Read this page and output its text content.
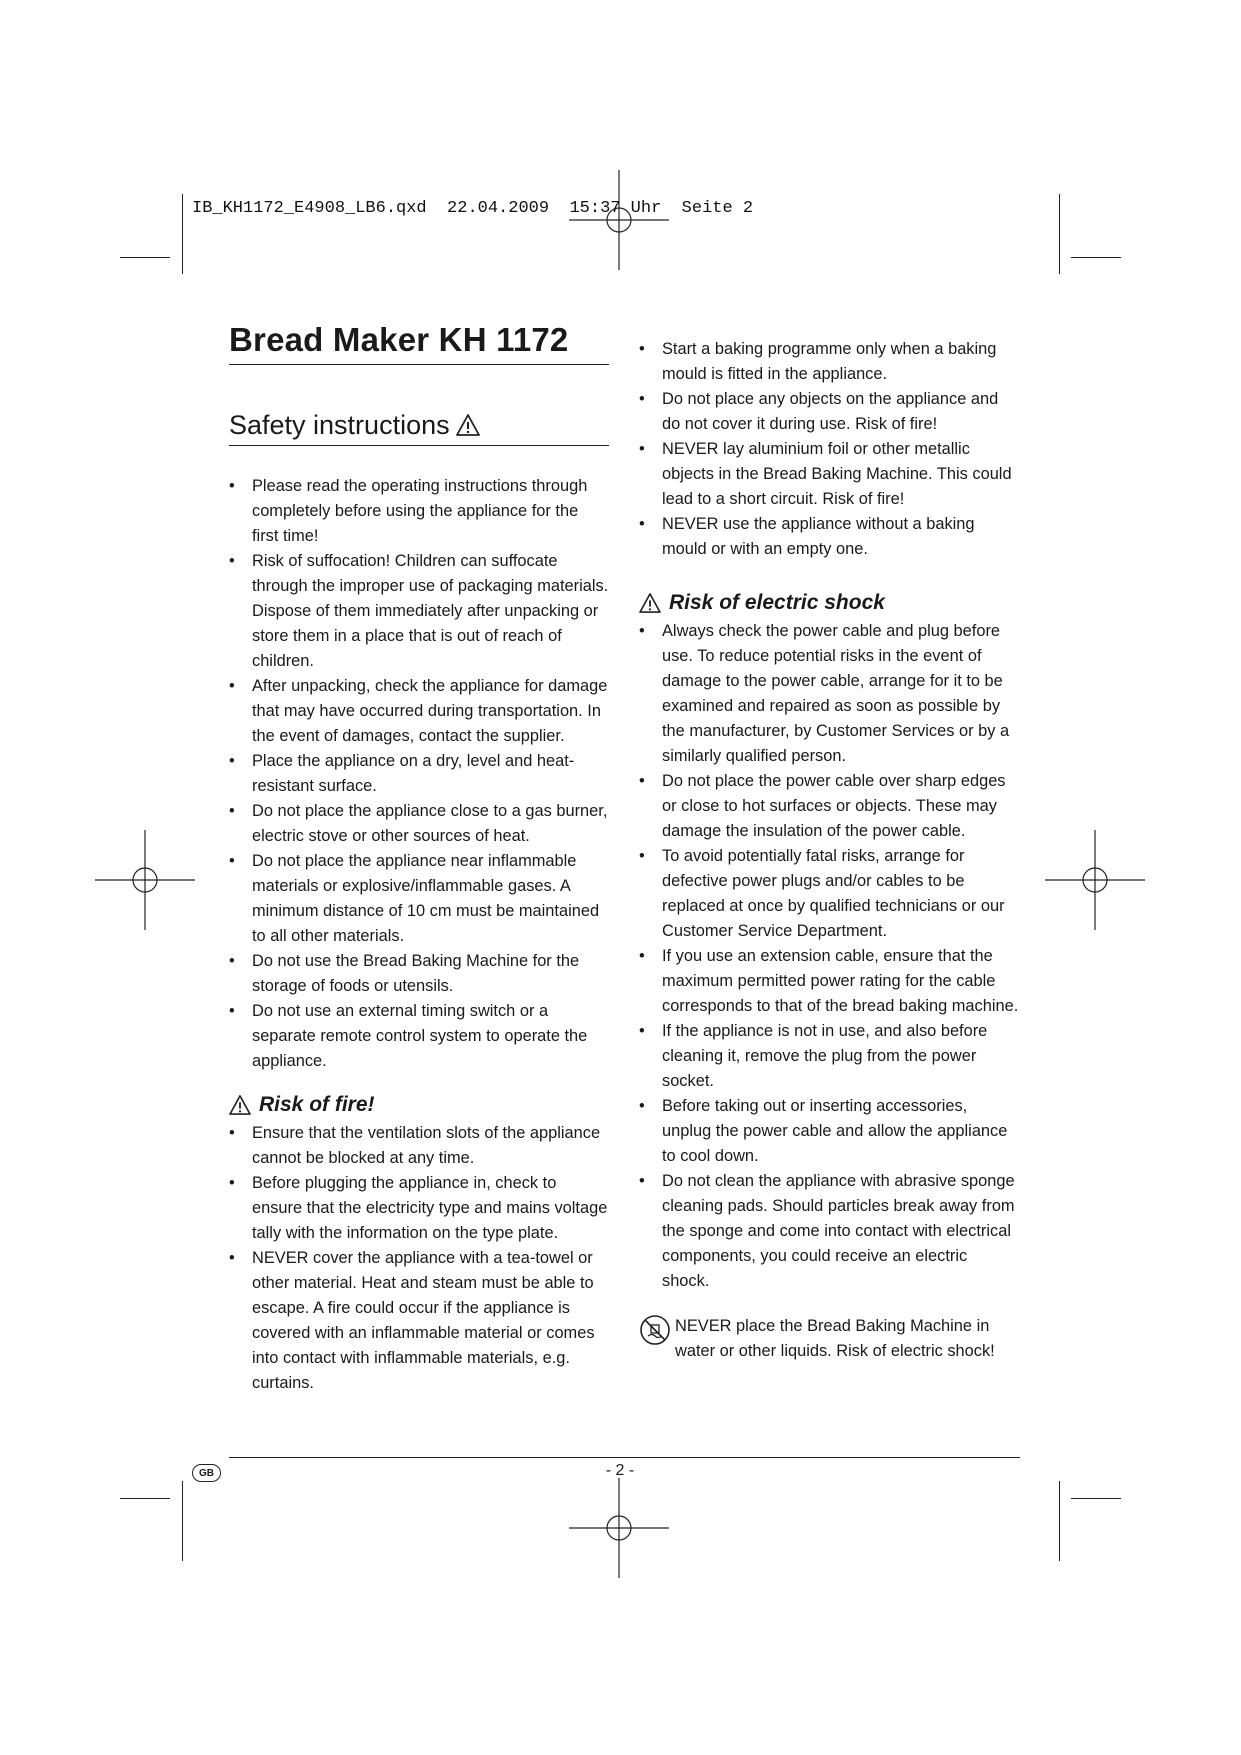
IB_KH1172_E4908_LB6.qxd  22.04.2009  15:37 Uhr  Seite 2
Bread Maker KH 1172
Safety instructions
• Please read the operating instructions through completely before using the appliance for the first time!
• Risk of suffocation! Children can suffocate through the improper use of packaging materials. Dispose of them immediately after unpacking or store them in a place that is out of reach of children.
• After unpacking, check the appliance for damage that may have occurred during transportation. In the event of damages, contact the supplier.
• Place the appliance on a dry, level and heat-resistant surface.
• Do not place the appliance close to a gas burner, electric stove or other sources of heat.
• Do not place the appliance near inflammable materials or explosive/inflammable gases. A minimum distance of 10 cm must be maintained to all other materials.
• Do not use the Bread Baking Machine for the storage of foods or utensils.
• Do not use an external timing switch or a separate remote control system to operate the appliance.
Risk of fire!
• Ensure that the ventilation slots of the appliance cannot be blocked at any time.
• Before plugging the appliance in, check to ensure that the electricity type and mains voltage tally with the information on the type plate.
• NEVER cover the appliance with a tea-towel or other material. Heat and steam must be able to escape. A fire could occur if the appliance is covered with an inflammable material or comes into contact with inflammable materials, e.g. curtains.
• Start a baking programme only when a baking mould is fitted in the appliance.
• Do not place any objects on the appliance and do not cover it during use. Risk of fire!
• NEVER lay aluminium foil or other metallic objects in the Bread Baking Machine. This could lead to a short circuit. Risk of fire!
• NEVER use the appliance without a baking mould or with an empty one.
Risk of electric shock
• Always check the power cable and plug before use. To reduce potential risks in the event of damage to the power cable, arrange for it to be examined and repaired as soon as possible by the manufacturer, by Customer Services or by a similarly qualified person.
• Do not place the power cable over sharp edges or close to hot surfaces or objects. These may damage the insulation of the power cable.
• To avoid potentially fatal risks, arrange for defective power plugs and/or cables to be replaced at once by qualified technicians or our Customer Service Department.
• If you use an extension cable, ensure that the maximum permitted power rating for the cable corresponds to that of the bread baking machine.
• If the appliance is not in use, and also before cleaning it, remove the plug from the power socket.
• Before taking out or inserting accessories, unplug the power cable and allow the appliance to cool down.
• Do not clean the appliance with abrasive sponge cleaning pads. Should particles break away from the sponge and come into contact with electrical components, you could receive an electric shock.
NEVER place the Bread Baking Machine in water or other liquids. Risk of electric shock!
GB	- 2 -
